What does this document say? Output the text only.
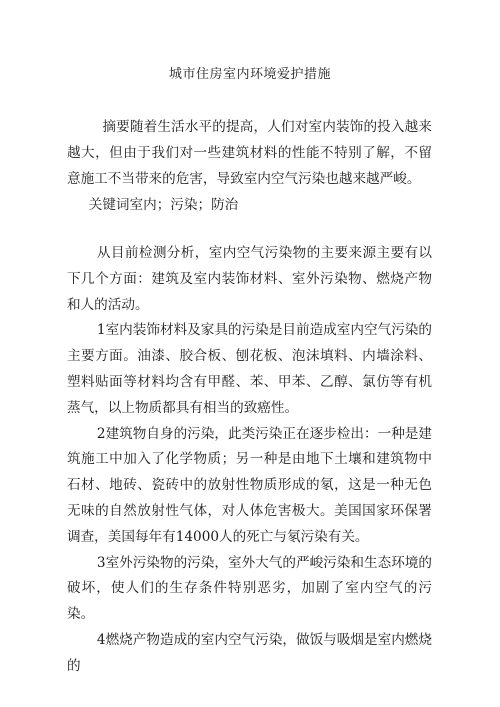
城市住房室内环境爱护措施

摘要随着生活水平的提高，人们对室内装饰的投入越来越大，但由于我们对一些建筑材料的性能不特别了解，不留意施工不当带来的危害，导致室内空气污染也越来越严峻。

关键词室内；污染；防治

从目前检测分析，室内空气污染物的主要来源主要有以下几个方面：建筑及室内装饰材料、室外污染物、燃烧产物和人的活动。

1室内装饰材料及家具的污染是目前造成室内空气污染的主要方面。油漆、胶合板、刨花板、泡沫填料、内墙涂料、塑料贴面等材料均含有甲醛、苯、甲苯、乙醇、氯仿等有机蒸气，以上物质都具有相当的致癌性。

2建筑物自身的污染，此类污染正在逐步检出：一种是建筑施工中加入了化学物质；另一种是由地下土壤和建筑物中石材、地砖、瓷砖中的放射性物质形成的氡，这是一种无色无味的自然放射性气体，对人体危害极大。美国国家环保署调查，美国每年有14000人的死亡与氡污染有关。

3室外污染物的污染，室外大气的严峻污染和生态环境的破坏，使人们的生存条件特别恶劣，加剧了室内空气的污染。

4燃烧产物造成的室内空气污染，做饭与吸烟是室内燃烧的
